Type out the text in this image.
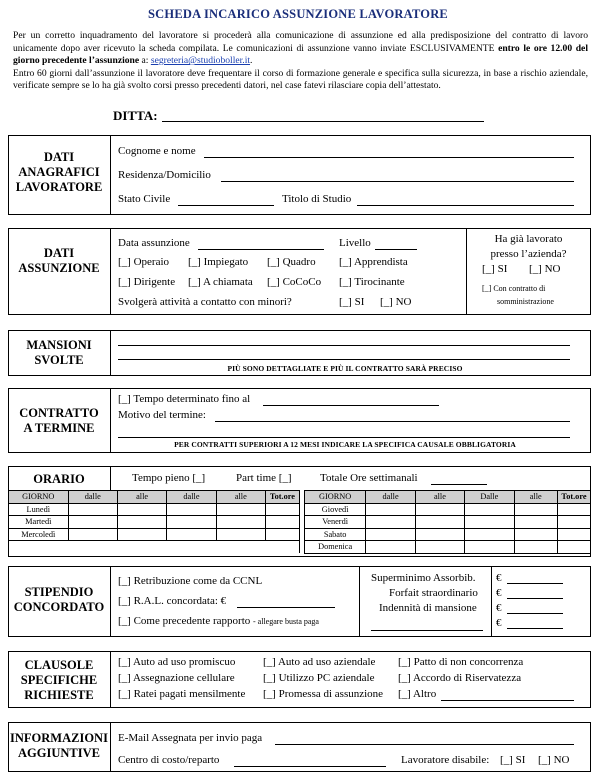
SCHEDA INCARICO ASSUNZIONE LAVORATORE

Per un corretto inquadramento del lavoratore si procederà alla comunicazione di assunzione ed alla predisposizione del contratto di lavoro unicamente dopo aver ricevuto la scheda compilata. Le comunicazioni di assunzione vanno inviate ESCLUSIVAMENTE entro le ore 12.00 del giorno precedente l’assunzione a: segreteria@studioboller.it.

Entro 60 giorni dall’assunzione il lavoratore deve frequentare il corso di formazione generale e specifica sulla sicurezza, in base a rischio aziendale, verificate sempre se lo ha già svolto corsi presso precedenti datori, nel case fatevi rilasciare copia dell’attestato.

DITTA:
DATI
ANAGRAFICI
LAVORATORE
Cognome e nome
Residenza/Domicilio
Stato Civile	Titolo di Studio
DATI
ASSUNZIONE
Data assunzione	Livello
[_] Operaio [_] Impiegato [_] Quadro [_] Apprendista
[_] Dirigente [_] A chiamata [_] CoCoCo [_] Tirocinante
Svolgerà attività a contatto con minori?	[_] SI [_] NO
Ha già lavorato
presso l’azienda?
[_] SI [_] NO
[_] Con contratto di
somministrazione
MANSIONI
SVOLTE
PIÙ SONO DETTAGLIATE E PIÙ IL CONTRATTO SARÀ PRECISO
CONTRATTO
A TERMINE
[_] Tempo determinato fino al
Motivo del termine:
PER CONTRATTI SUPERIORI A 12 MESI INDICARE LA SPECIFICA CAUSALE OBBLIGATORIA
ORARIO	Tempo pieno [_]	Part time [_]	Totale Ore settimanali
GIORNO	dalle	alle	dalle	alle	Tot.ore		GIORNO	dalle	alle	Dalle	alle	Tot.ore
Lunedì							Giovedì					
Martedì							Venerdì					
Mercoledì							Sabato					
							Domenica					
STIPENDIO
CONCORDATO
[_] Retribuzione come da CCNL
[_] R.A.L. concordata: €
[_] Come precedente rapporto - allegare busta paga
Superminimo Assorbib.
Forfait straordinario
Indennità di mansione
€
€
€
€
CLAUSOLE
SPECIFICHE
RICHIESTE
[_] Auto ad uso promiscuo	[_] Auto ad uso aziendale [_] Patto di non concorrenza
[_] Assegnazione cellulare	[_] Utilizzo PC aziendale [_] Accordo di Riservatezza
[_] Ratei pagati mensilmente [_] Promessa di assunzione [_] Altro
INFORMAZIONI
AGGIUNTIVE
E-Mail Assegnata per invio paga
Centro di costo/reparto	Lavoratore disabile: [_] SI [_] NO
